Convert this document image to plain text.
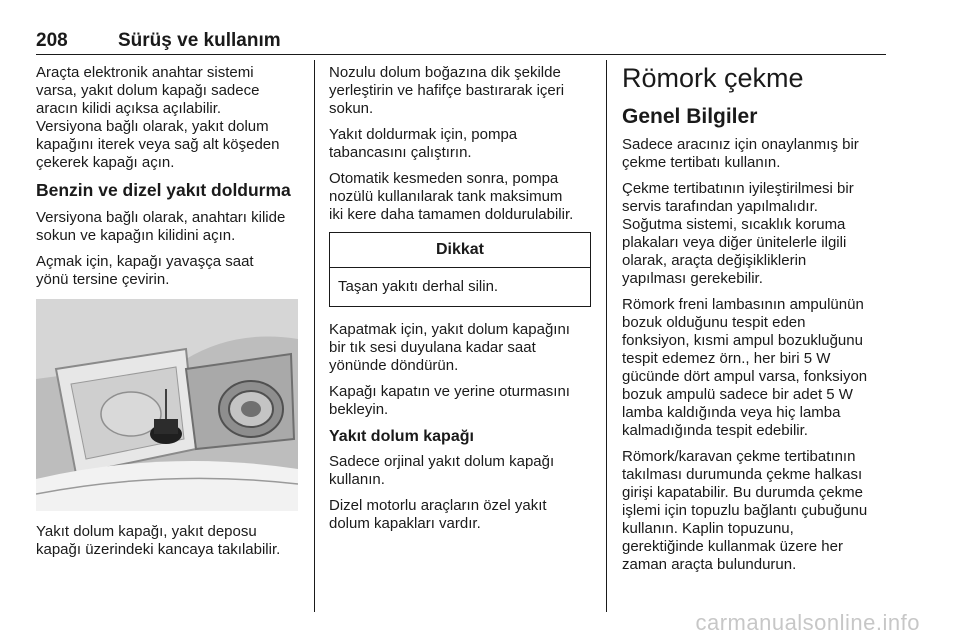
208	Sürüş ve kullanım

Araçta elektronik anahtar sistemi
varsa, yakıt dolum kapağı sadece
aracın kilidi açıksa açılabilir.
Versiyona bağlı olarak, yakıt dolum
kapağını iterek veya sağ alt köşeden
çekerek kapağı açın.

Benzin ve dizel yakıt doldurma

Versiyona bağlı olarak, anahtarı kilide
sokun ve kapağın kilidini açın.

Açmak için, kapağı yavaşça saat
yönü tersine çevirin.

Yakıt dolum kapağı, yakıt deposu
kapağı üzerindeki kancaya takılabilir.

Nozulu dolum boğazına dik şekilde
yerleştirin ve hafifçe bastırarak içeri
sokun.

Yakıt doldurmak için, pompa
tabancasını çalıştırın.

Otomatik kesmeden sonra, pompa
nozülü kullanılarak tank maksimum
iki kere daha tamamen doldurulabilir.

Dikkat
Taşan yakıtı derhal silin.

Kapatmak için, yakıt dolum kapağını
bir tık sesi duyulana kadar saat
yönünde döndürün.

Kapağı kapatın ve yerine oturmasını
bekleyin.

Yakıt dolum kapağı

Sadece orjinal yakıt dolum kapağı
kullanın.

Dizel motorlu araçların özel yakıt
dolum kapakları vardır.

Römork çekme
Genel Bilgiler

Sadece aracınız için onaylanmış bir
çekme tertibatı kullanın.

Çekme tertibatının iyileştirilmesi bir
servis tarafından yapılmalıdır.
Soğutma sistemi, sıcaklık koruma
plakaları veya diğer ünitelerle ilgili
olarak, araçta değişikliklerin
yapılması gerekebilir.

Römork freni lambasının ampulünün
bozuk olduğunu tespit eden
fonksiyon, kısmi ampul bozukluğunu
tespit edemez örn., her biri 5 W
gücünde dört ampul varsa, fonksiyon
bozuk ampulü sadece bir adet 5 W
lamba kaldığında veya hiç lamba
kalmadığında tespit edebilir.

Römork/karavan çekme tertibatının
takılması durumunda çekme halkası
girişi kapatabilir. Bu durumda çekme
işlemi için topuzlu bağlantı çubuğunu
kullanın. Kaplin topuzunu,
gerektiğinde kullanmak üzere her
zaman araçta bulundurun.

carmanualsonline.info
